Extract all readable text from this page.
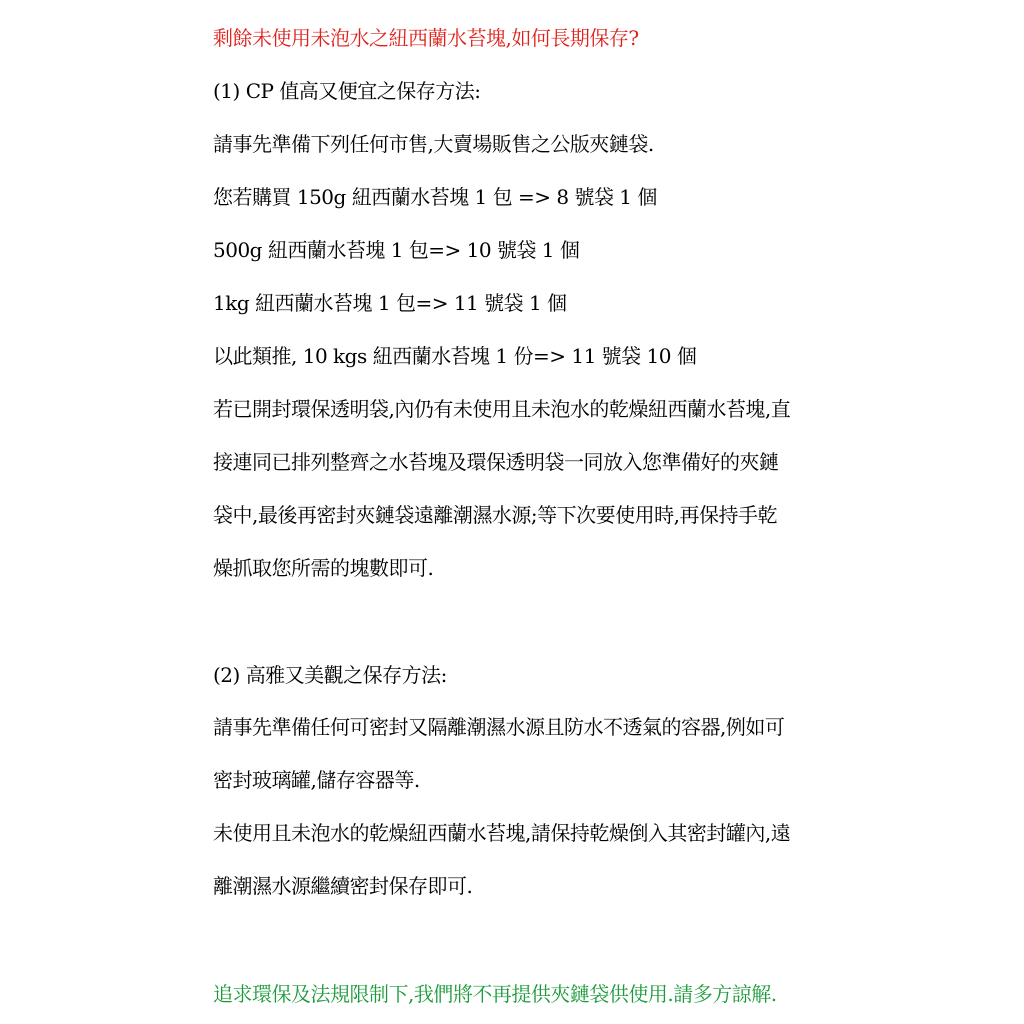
剩餘未使用未泡水之紐西蘭水苔塊,如何長期保存?
(1) CP 值高又便宜之保存方法:
請事先準備下列任何市售,大賣場販售之公版夾鏈袋.
您若購買 150g 紐西蘭水苔塊 1 包 => 8 號袋 1 個
500g 紐西蘭水苔塊 1 包=> 10 號袋 1 個
1kg 紐西蘭水苔塊 1 包=> 11 號袋 1 個
以此類推, 10 kgs 紐西蘭水苔塊 1 份=> 11 號袋 10 個
若已開封環保透明袋,內仍有未使用且未泡水的乾燥紐西蘭水苔塊,直
接連同已排列整齊之水苔塊及環保透明袋一同放入您準備好的夾鏈
袋中,最後再密封夾鏈袋遠離潮濕水源;等下次要使用時,再保持手乾
燥抓取您所需的塊數即可.
(2) 高雅又美觀之保存方法:
請事先準備任何可密封又隔離潮濕水源且防水不透氣的容器,例如可
密封玻璃罐,儲存容器等.
未使用且未泡水的乾燥紐西蘭水苔塊,請保持乾燥倒入其密封罐內,遠
離潮濕水源繼續密封保存即可.
追求環保及法規限制下,我們將不再提供夾鏈袋供使用.請多方諒解.
